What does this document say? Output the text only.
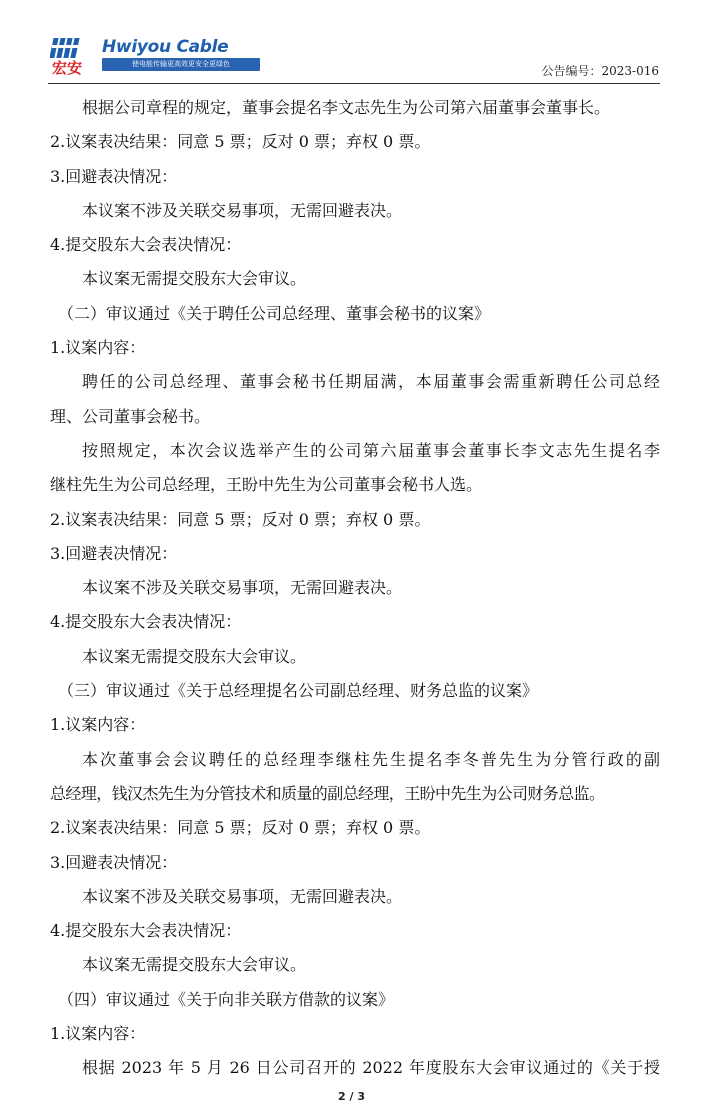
宏安
Hwiyou Cable
使电能传输更高效更安全更绿色	公告编号：2023-016
根据公司章程的规定，董事会提名李文志先生为公司第六届董事会董事长。
2.议案表决结果：同意 5 票；反对 0 票；弃权 0 票。
3.回避表决情况：
本议案不涉及关联交易事项，无需回避表决。
4.提交股东大会表决情况：
本议案无需提交股东大会审议。
（二）审议通过《关于聘任公司总经理、董事会秘书的议案》
1.议案内容：
聘任的公司总经理、董事会秘书任期届满，本届董事会需重新聘任公司总经
理、公司董事会秘书。
按照规定，本次会议选举产生的公司第六届董事会董事长李文志先生提名李
继柱先生为公司总经理，王盼中先生为公司董事会秘书人选。
2.议案表决结果：同意 5 票；反对 0 票；弃权 0 票。
3.回避表决情况：
本议案不涉及关联交易事项，无需回避表决。
4.提交股东大会表决情况：
本议案无需提交股东大会审议。
（三）审议通过《关于总经理提名公司副总经理、财务总监的议案》
1.议案内容：
本次董事会会议聘任的总经理李继柱先生提名李冬普先生为分管行政的副
总经理，钱汉杰先生为分管技术和质量的副总经理，王盼中先生为公司财务总监。
2.议案表决结果：同意 5 票；反对 0 票；弃权 0 票。
3.回避表决情况：
本议案不涉及关联交易事项，无需回避表决。
4.提交股东大会表决情况：
本议案无需提交股东大会审议。
（四）审议通过《关于向非关联方借款的议案》
1.议案内容：
根据 2023 年 5 月 26 日公司召开的 2022 年度股东大会审议通过的《关于授
2 / 3
